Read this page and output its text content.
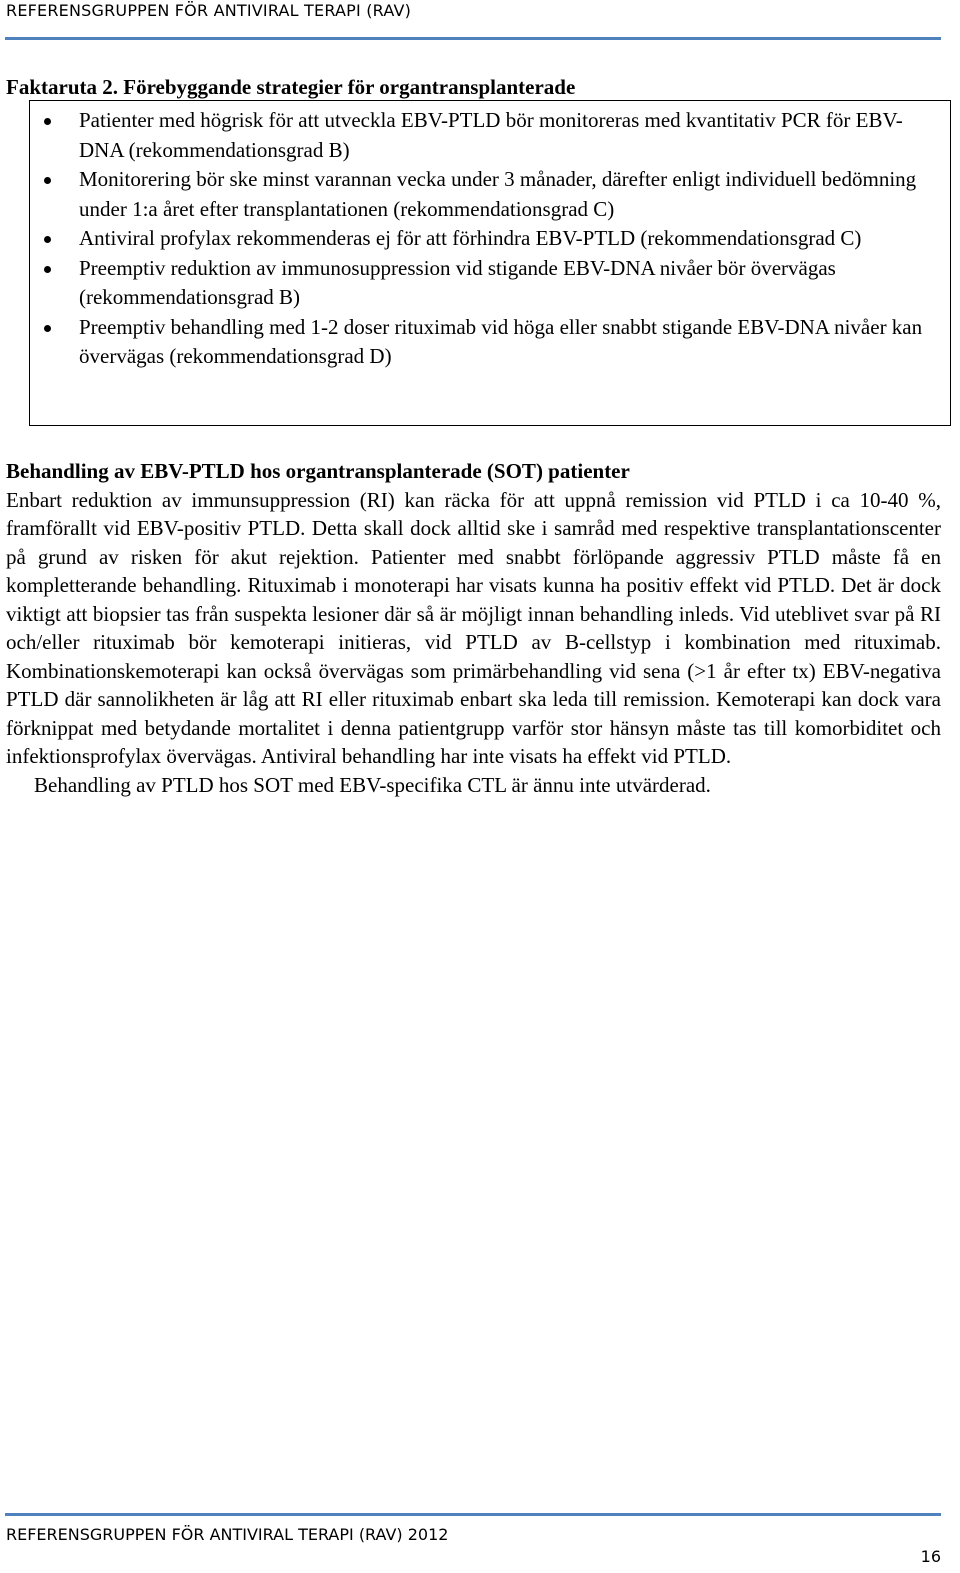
REFERENSGRUPPEN FÖR ANTIVIRAL TERAPI (RAV)
Faktaruta 2. Förebyggande strategier för organtransplanterade
Patienter med högrisk för att utveckla EBV-PTLD bör monitoreras med kvantitativ PCR för EBV-DNA (rekommendationsgrad B)
Monitorering bör ske minst varannan vecka under 3 månader, därefter enligt individuell bedömning under 1:a året efter transplantationen (rekommendationsgrad C)
Antiviral profylax rekommenderas ej för att förhindra EBV-PTLD (rekommendationsgrad C)
Preemptiv reduktion av immunosuppression vid stigande EBV-DNA nivåer bör övervägas (rekommendationsgrad B)
Preemptiv behandling med 1-2 doser rituximab vid höga eller snabbt stigande EBV-DNA nivåer kan övervägas (rekommendationsgrad D)
Behandling av EBV-PTLD hos organtransplanterade (SOT) patienter

Enbart reduktion av immunsuppression (RI) kan räcka för att uppnå remission vid PTLD i ca 10-40 %, framförallt vid EBV-positiv PTLD. Detta skall dock alltid ske i samråd med respektive transplantationscenter på grund av risken för akut rejektion. Patienter med snabbt förlöpande aggressiv PTLD måste få en kompletterande behandling. Rituximab i monoterapi har visats kunna ha positiv effekt vid PTLD. Det är dock viktigt att biopsier tas från suspekta lesioner där så är möjligt innan behandling inleds. Vid uteblivet svar på RI och/eller rituximab bör kemoterapi initieras, vid PTLD av B-cellstyp i kombination med rituximab. Kombinationskemoterapi kan också övervägas som primärbehandling vid sena (>1 år efter tx) EBV-negativa PTLD där sannolikheten är låg att RI eller rituximab enbart ska leda till remission. Kemoterapi kan dock vara förknippat med betydande mortalitet i denna patientgrupp varför stor hänsyn måste tas till komorbiditet och infektionsprofylax övervägas. Antiviral behandling har inte visats ha effekt vid PTLD.

Behandling av PTLD hos SOT med EBV-specifika CTL är ännu inte utvärderad.

REFERENSGRUPPEN FÖR ANTIVIRAL TERAPI (RAV) 2012
16
